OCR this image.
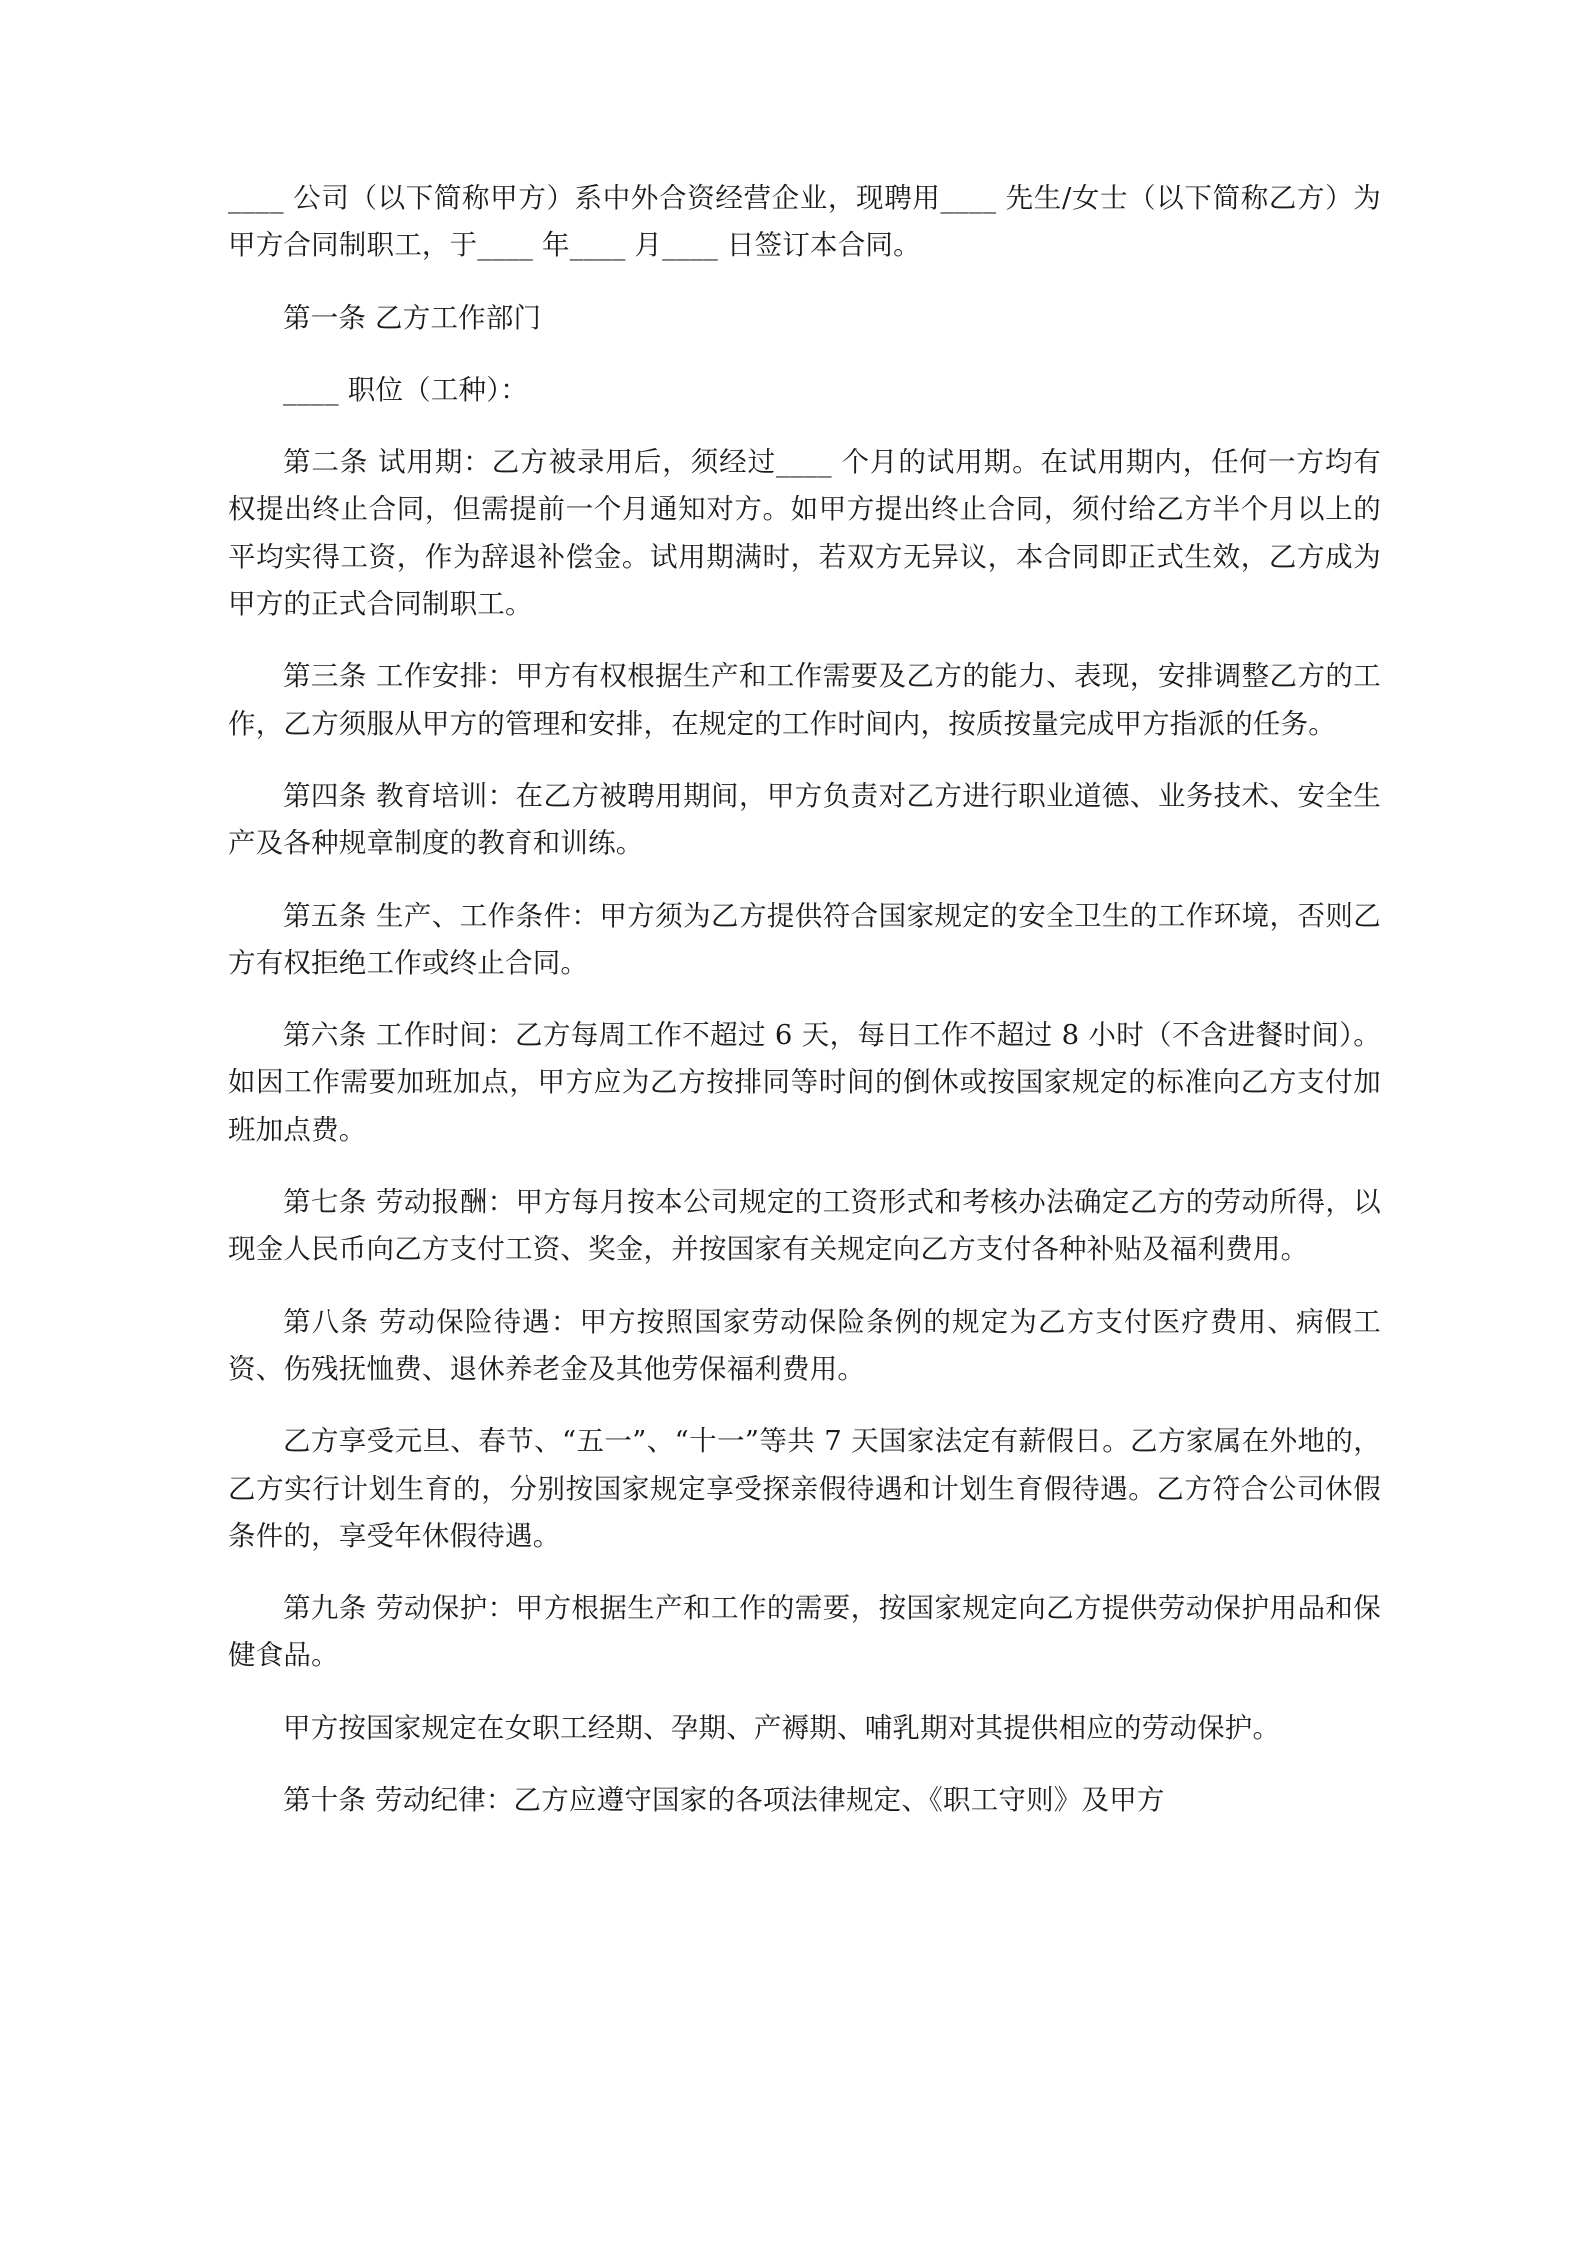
____ 公司（以下简称甲方）系中外合资经营企业，现聘用____ 先生/女士（以下简称乙方）为甲方合同制职工，于____ 年____ 月____ 日签订本合同。

第一条 乙方工作部门

____ 职位（工种）：

第二条 试用期：乙方被录用后，须经过____ 个月的试用期。在试用期内，任何一方均有权提出终止合同，但需提前一个月通知对方。如甲方提出终止合同，须付给乙方半个月以上的平均实得工资，作为辞退补偿金。试用期满时，若双方无异议，本合同即正式生效，乙方成为甲方的正式合同制职工。

第三条 工作安排：甲方有权根据生产和工作需要及乙方的能力、表现，安排调整乙方的工作，乙方须服从甲方的管理和安排，在规定的工作时间内，按质按量完成甲方指派的任务。

第四条 教育培训：在乙方被聘用期间，甲方负责对乙方进行职业道德、业务技术、安全生产及各种规章制度的教育和训练。

第五条 生产、工作条件：甲方须为乙方提供符合国家规定的安全卫生的工作环境，否则乙方有权拒绝工作或终止合同。

第六条 工作时间：乙方每周工作不超过 6 天，每日工作不超过 8 小时（不含进餐时间）。如因工作需要加班加点，甲方应为乙方按排同等时间的倒休或按国家规定的标准向乙方支付加班加点费。

第七条 劳动报酬：甲方每月按本公司规定的工资形式和考核办法确定乙方的劳动所得，以现金人民币向乙方支付工资、奖金，并按国家有关规定向乙方支付各种补贴及福利费用。

第八条 劳动保险待遇：甲方按照国家劳动保险条例的规定为乙方支付医疗费用、病假工资、伤残抚恤费、退休养老金及其他劳保福利费用。

乙方享受元旦、春节、“五一”、“十一”等共 7 天国家法定有薪假日。乙方家属在外地的，乙方实行计划生育的，分别按国家规定享受探亲假待遇和计划生育假待遇。乙方符合公司休假条件的，享受年休假待遇。

第九条 劳动保护：甲方根据生产和工作的需要，按国家规定向乙方提供劳动保护用品和保健食品。

甲方按国家规定在女职工经期、孕期、产褥期、哺乳期对其提供相应的劳动保护。

第十条 劳动纪律：乙方应遵守国家的各项法律规定、《职工守则》及甲方
